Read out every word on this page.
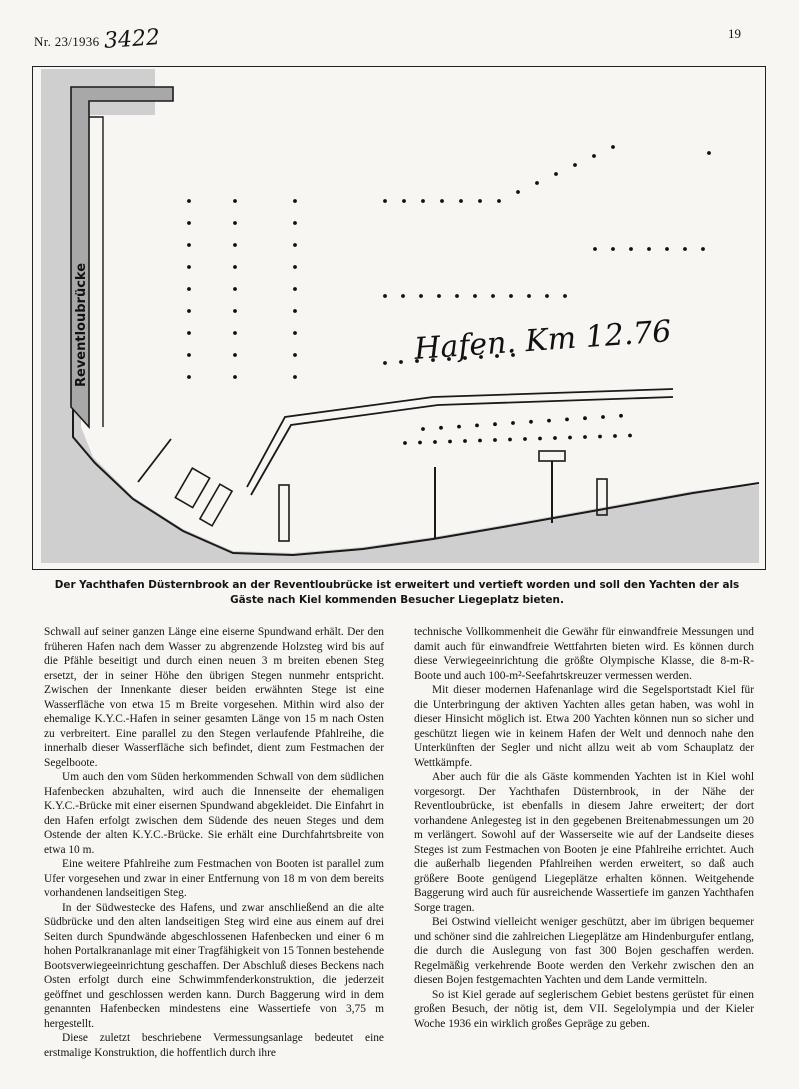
Nr. 23/1936 3422	19
Reventloubrücke	Hafen. Km 12.76
Der Yachthafen Düsternbrook an der Reventloubrücke ist erweitert und vertieft worden und soll den Yachten der als Gäste nach Kiel kommenden Besucher Liegeplatz bieten.

Schwall auf seiner ganzen Länge eine eiserne Spundwand erhält. Der den früheren Hafen nach dem Wasser zu abgrenzende Holzsteg wird bis auf die Pfähle beseitigt und durch einen neuen 3 m breiten ebenen Steg ersetzt, der in seiner Höhe den übrigen Stegen nunmehr entspricht. Zwischen der Innenkante dieser beiden erwähnten Stege ist eine Wasserfläche von etwa 15 m Breite vorgesehen. Mithin wird also der ehemalige K.Y.C.-Hafen in seiner gesamten Länge von 15 m nach Osten zu verbreitert. Eine parallel zu den Stegen verlaufende Pfahlreihe, die innerhalb dieser Wasserfläche sich befindet, dient zum Festmachen der Segelboote.

Um auch den vom Süden herkommenden Schwall von dem südlichen Hafenbecken abzuhalten, wird auch die Innenseite der ehemaligen K.Y.C.-Brücke mit einer eisernen Spundwand abgekleidet. Die Einfahrt in den Hafen erfolgt zwischen dem Südende des neuen Steges und dem Ostende der alten K.Y.C.-Brücke. Sie erhält eine Durchfahrtsbreite von etwa 10 m.

Eine weitere Pfahlreihe zum Festmachen von Booten ist parallel zum Ufer vorgesehen und zwar in einer Entfernung von 18 m von dem bereits vorhandenen landseitigen Steg.

In der Südwestecke des Hafens, und zwar anschließend an die alte Südbrücke und den alten landseitigen Steg wird eine aus einem auf drei Seiten durch Spundwände abgeschlossenen Hafenbecken und einer 6 m hohen Portalkrananlage mit einer Tragfähigkeit von 15 Tonnen bestehende Bootsverwiegeeinrichtung geschaffen. Der Abschluß dieses Beckens nach Osten erfolgt durch eine Schwimmfenderkonstruktion, die jederzeit geöffnet und geschlossen werden kann. Durch Baggerung wird in dem genannten Hafenbecken mindestens eine Wassertiefe von 3,75 m hergestellt.

Diese zuletzt beschriebene Vermessungsanlage bedeutet eine erstmalige Konstruktion, die hoffentlich durch ihre

technische Vollkommenheit die Gewähr für einwandfreie Messungen und damit auch für einwandfreie Wettfahrten bieten wird. Es können durch diese Verwiegeeinrichtung die größte Olympische Klasse, die 8-m-R-Boote und auch 100-m²-Seefahrtskreuzer vermessen werden.

Mit dieser modernen Hafenanlage wird die Segelsportstadt Kiel für die Unterbringung der aktiven Yachten alles getan haben, was wohl in dieser Hinsicht möglich ist. Etwa 200 Yachten können nun so sicher und geschützt liegen wie in keinem Hafen der Welt und dennoch nahe den Unterkünften der Segler und nicht allzu weit ab vom Schauplatz der Wettkämpfe.

Aber auch für die als Gäste kommenden Yachten ist in Kiel wohl vorgesorgt. Der Yachthafen Düsternbrook, in der Nähe der Reventloubrücke, ist ebenfalls in diesem Jahre erweitert; der dort vorhandene Anlegesteg ist in den gegebenen Breitenabmessungen um 20 m verlängert. Sowohl auf der Wasserseite wie auf der Landseite dieses Steges ist zum Festmachen von Booten je eine Pfahlreihe errichtet. Auch die außerhalb liegenden Pfahlreihen werden erweitert, so daß auch größere Boote genügend Liegeplätze erhalten können. Weitgehende Baggerung wird auch für ausreichende Wassertiefe im ganzen Yachthafen Sorge tragen.

Bei Ostwind vielleicht weniger geschützt, aber im übrigen bequemer und schöner sind die zahlreichen Liegeplätze am Hindenburgufer entlang, die durch die Auslegung von fast 300 Bojen geschaffen werden. Regelmäßig verkehrende Boote werden den Verkehr zwischen den an diesen Bojen festgemachten Yachten und dem Lande vermitteln.

So ist Kiel gerade auf seglerischem Gebiet bestens gerüstet für einen großen Besuch, der nötig ist, dem VII. Segelolympia und der Kieler Woche 1936 ein wirklich großes Gepräge zu geben.
